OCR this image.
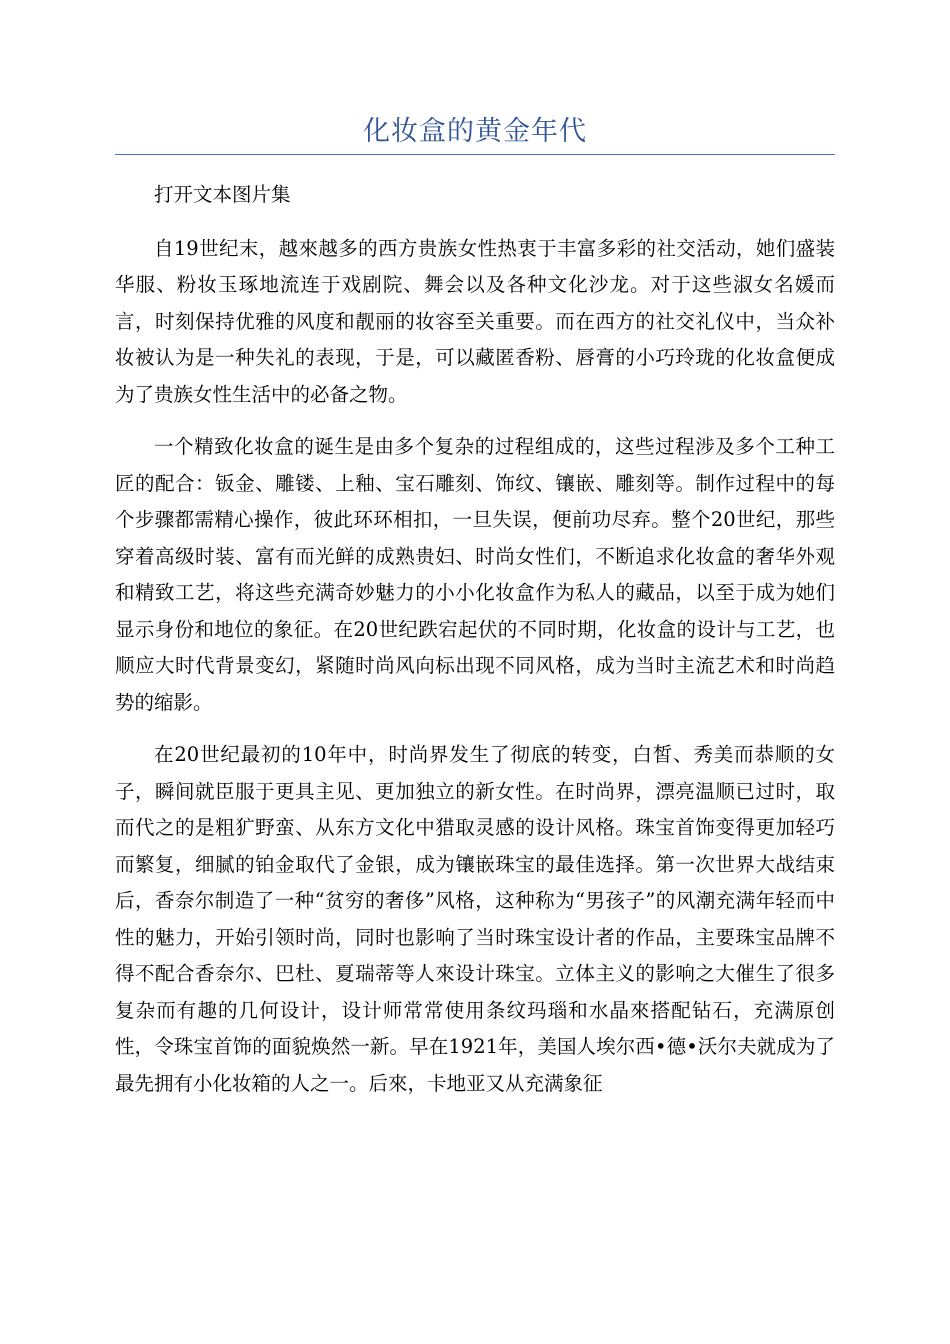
化妆盒的黄金年代

打开文本图片集

自19世纪末，越來越多的西方贵族女性热衷于丰富多彩的社交活动，她们盛装华服、粉妆玉琢地流连于戏剧院、舞会以及各种文化沙龙。对于这些淑女名媛而言，时刻保持优雅的风度和靓丽的妆容至关重要。而在西方的社交礼仪中，当众补妆被认为是一种失礼的表现，于是，可以藏匿香粉、唇膏的小巧玲珑的化妆盒便成为了贵族女性生活中的必备之物。

一个精致化妆盒的诞生是由多个复杂的过程组成的，这些过程涉及多个工种工匠的配合：钣金、雕镂、上釉、宝石雕刻、饰纹、镶嵌、雕刻等。制作过程中的每个步骤都需精心操作，彼此环环相扣，一旦失误，便前功尽弃。整个20世纪，那些穿着高级时装、富有而光鲜的成熟贵妇、时尚女性们，不断追求化妆盒的奢华外观和精致工艺，将这些充满奇妙魅力的小小化妆盒作为私人的藏品，以至于成为她们显示身份和地位的象征。在20世纪跌宕起伏的不同时期，化妆盒的设计与工艺，也顺应大时代背景变幻，紧随时尚风向标出现不同风格，成为当时主流艺术和时尚趋势的缩影。

在20世纪最初的10年中，时尚界发生了彻底的转变，白皙、秀美而恭顺的女子，瞬间就臣服于更具主见、更加独立的新女性。在时尚界，漂亮温顺已过时，取而代之的是粗犷野蛮、从东方文化中猎取灵感的设计风格。珠宝首饰变得更加轻巧而繁复，细腻的铂金取代了金银，成为镶嵌珠宝的最佳选择。第一次世界大战结束后，香奈尔制造了一种“贫穷的奢侈”风格，这种称为“男孩子”的风潮充满年轻而中性的魅力，开始引领时尚，同时也影响了当时珠宝设计者的作品，主要珠宝品牌不得不配合香奈尔、巴杜、夏瑞蒂等人來设计珠宝。立体主义的影响之大催生了很多复杂而有趣的几何设计，设计师常常使用条纹玛瑙和水晶來搭配钻石，充满原创性，令珠宝首饰的面貌焕然一新。早在1921年，美国人埃尔西•德•沃尔夫就成为了最先拥有小化妆箱的人之一。后來，卡地亚又从充满象征
